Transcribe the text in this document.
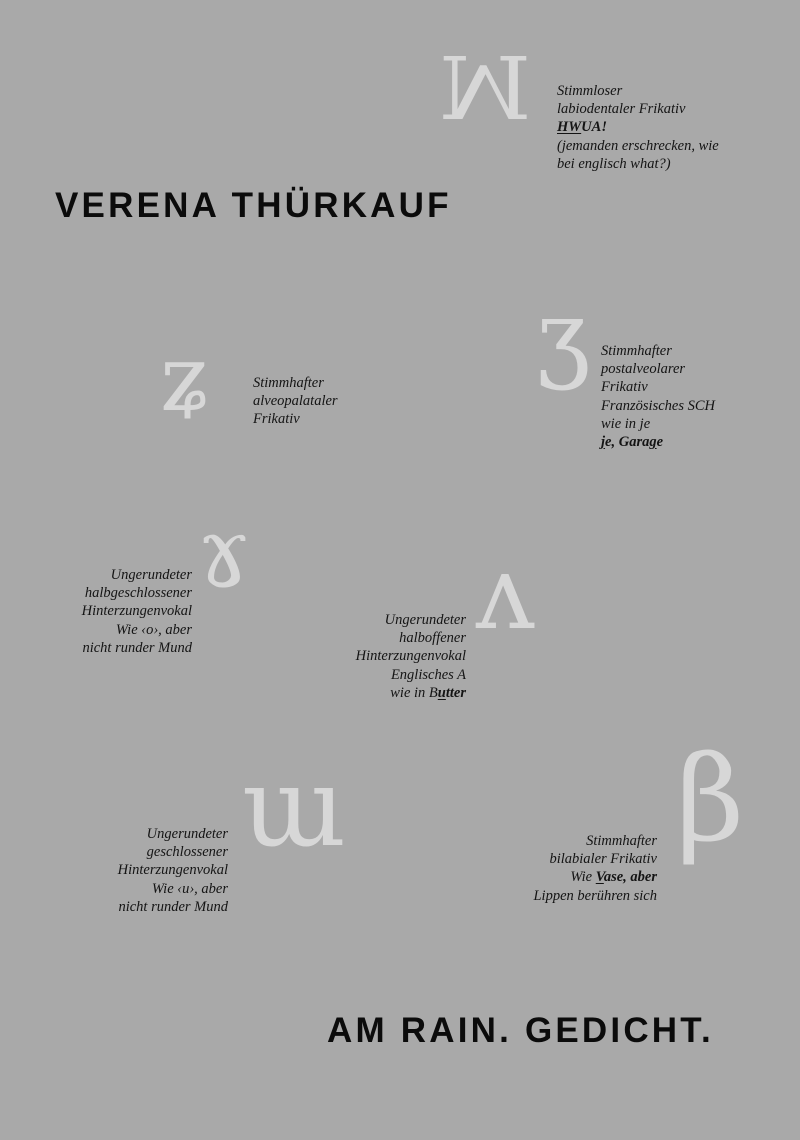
VERENA THÜRKAUF
AM RAIN. GEDICHT.
M Stimmloser
labiodentaler Frikativ
HWUA!
(jemanden erschrecken, wie
bei englisch what?)
ʒ Stimmhafter
postalveolarer
Frikativ
Französisches SCH
wie in je
je, Garage
ʑ	Stimmhafter
alveopalataler
Frikativ
ɤ
Ungerundeter
halbgeschlossener
Hinterzungenvokal
Wie ‹o›, aber
nicht runder Mund	ʌ
Ungerundeter
halboffener
Hinterzungenvokal
Englisches A
wie in Butter
ɯ
Ungerundeter
geschlossener
Hinterzungenvokal
Wie ‹u›, aber
nicht runder Mund
β
Stimmhafter
bilabialer Frikativ
Wie Vase, aber
Lippen berühren sich
